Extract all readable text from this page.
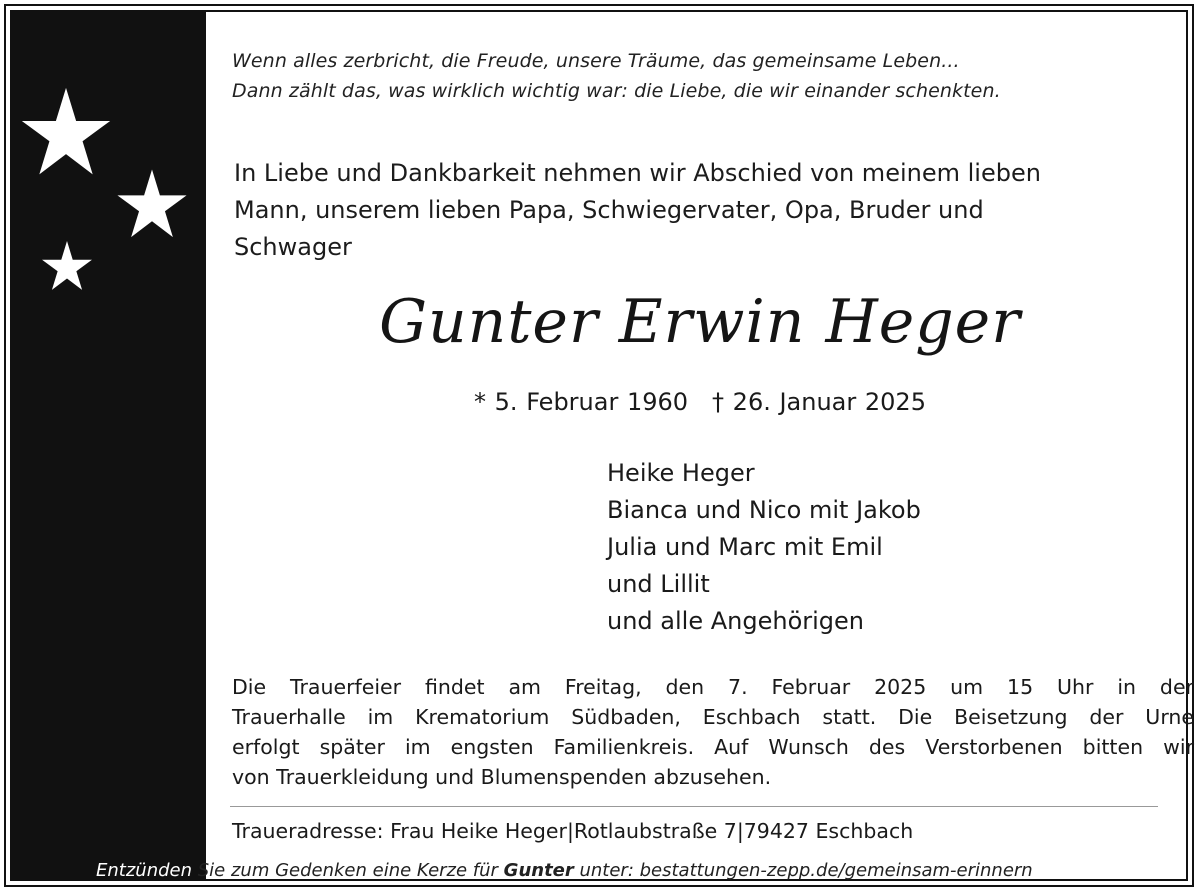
Wenn alles zerbricht, die Freude, unsere Träume, das gemeinsame Leben...
Dann zählt das, was wirklich wichtig war: die Liebe, die wir einander schenkten.
In Liebe und Dankbarkeit nehmen wir Abschied von meinem lieben
Mann, unserem lieben Papa, Schwiegervater, Opa, Bruder und
Schwager
Gunter Erwin Heger
* 5. Februar 1960 † 26. Januar 2025
Heike Heger
Bianca und Nico mit Jakob
Julia und Marc mit Emil
und Lillit
und alle Angehörigen
Die Trauerfeier findet am Freitag, den 7. Februar 2025 um 15 Uhr in der
Trauerhalle im Krematorium Südbaden, Eschbach statt. Die Beisetzung der Urne
erfolgt später im engsten Familienkreis. Auf Wunsch des Verstorbenen bitten wir
von Trauerkleidung und Blumenspenden abzusehen.
Traueradresse: Frau Heike Heger|Rotlaubstraße 7|79427 Eschbach
Entzünden Sie zum Gedenken eine Kerze für Gunter unter: bestattungen-zepp.de/gemeinsam-erinnern
